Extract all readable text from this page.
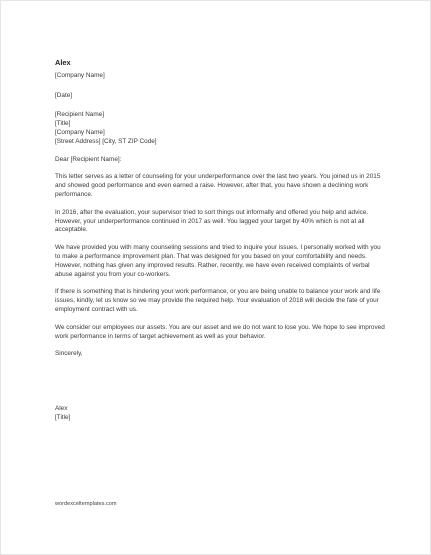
Alex

[Company Name]

[Date]

[Recipient Name]

[Title]

[Company Name]

[Street Address] [City, ST ZIP Code]

Dear [Recipient Name]:

This letter serves as a letter of counseling for your underperformance over the last two years. You joined us in 2015 and showed good performance and even earned a raise. However, after that, you have shown a declining work performance.

In 2016, after the evaluation, your supervisor tried to sort things out informally and offered you help and advice. However, your underperformance continued in 2017 as well. You lagged your target by 40% which is not at all acceptable.

We have provided you with many counseling sessions and tried to inquire your issues. I personally worked with you to make a performance improvement plan. That was designed for you based on your comfortability and needs. However, nothing has given any improved results. Rather, recently, we have even received complaints of verbal abuse against you from your co-workers.

If there is something that is hindering your work performance, or you are being unable to balance your work and life issues, kindly, let us know so we may provide the required help. Your evaluation of 2018 will decide the fate of your employment contract with us.

We consider our employees our assets. You are our asset and we do not want to lose you. We hope to see improved work performance in terms of target achievement as well as your behavior.

Sincerely,

Alex

[Title]

wordexceltemplates.com
